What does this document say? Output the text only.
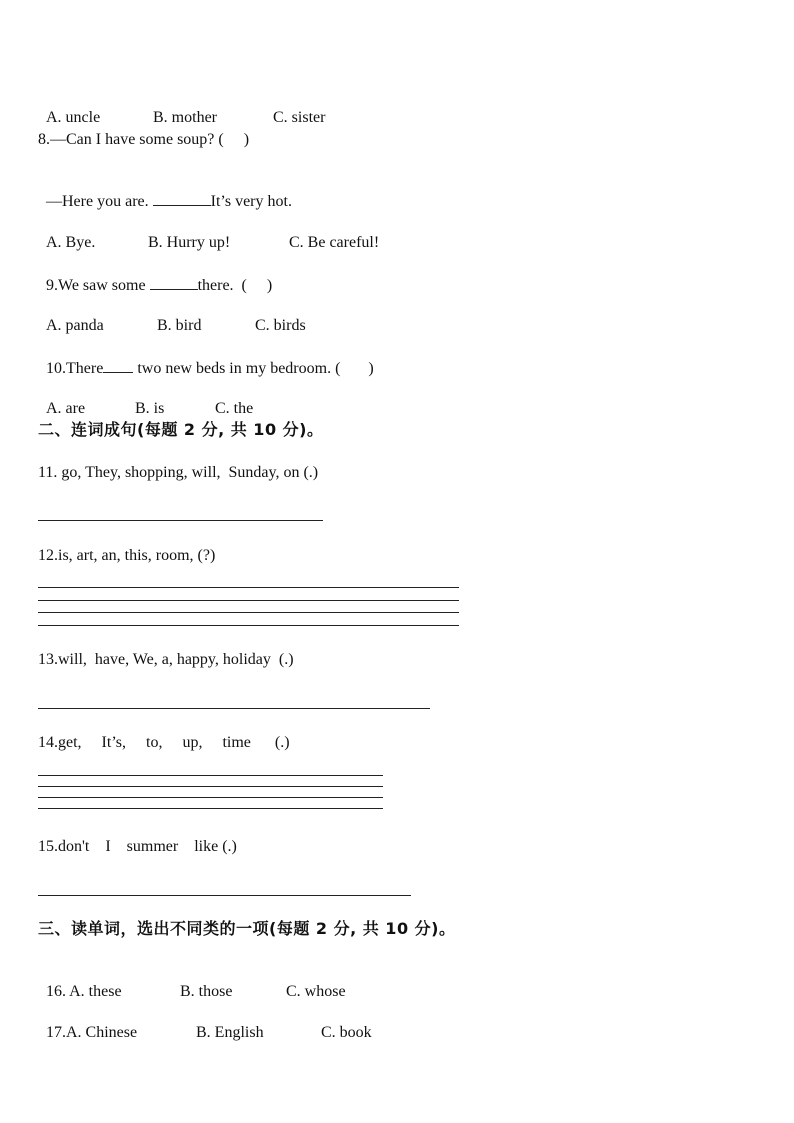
A. uncle	B. mother	C. sister

8.—Can I have some soup? (     )

—Here you are.	It’s very hot.

A. Bye.	B. Hurry up!	C. Be careful!

9.We saw some	there.  (     )

A. panda	B. bird	C. birds

10.There two new beds in my bedroom. (       )

A. are	B. is	C. the

二、连词成句(每题 2 分, 共 10 分)。
11. go, They, shopping, will,  Sunday, on (.)
12.is, art, an, this, room, (?)
13.will,  have, We, a, happy, holiday  (.)
14.get,     It’s,     to,     up,     time      (.)
15.don't    I    summer    like (.)
三、读单词，选出不同类的一项(每题 2 分, 共 10 分)。

16. A. these	B. those	C. whose

17.A. Chinese	B. English	C. book
